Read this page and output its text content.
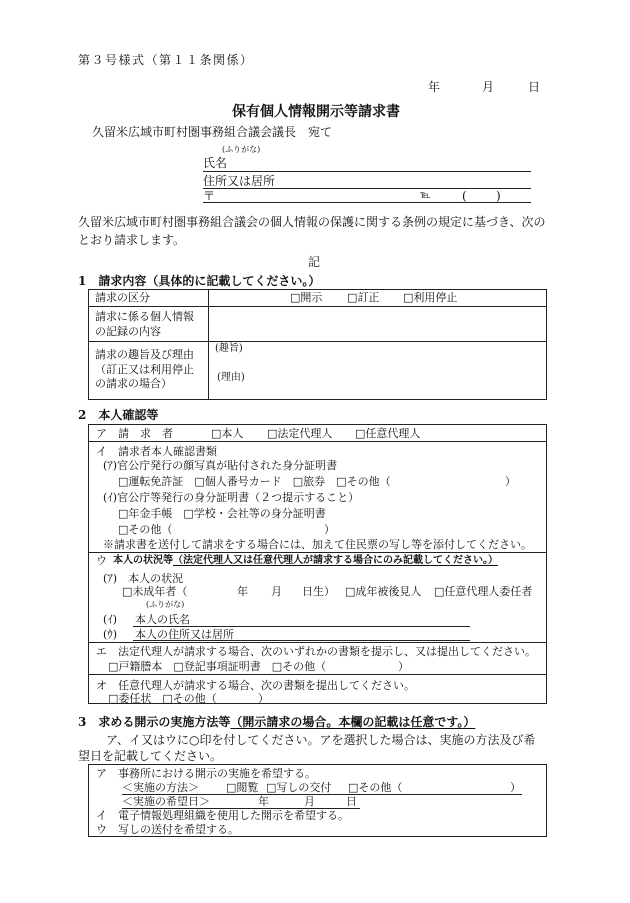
第３号様式（第１１条関係）
年	月	日
保有個人情報開示等請求書
久留米広域市町村圏事務組合議会議長　宛て
(ふりがな)
氏名
住所又は居所
〒	℡	( )
久留米広域市町村圏事務組合議会の個人情報の保護に関する条例の規定に基づき、次の
とおり請求します。
記
1　請求内容（具体的に記載してください。）
請求の区分	□開示 □訂正 □利用停止
請求に係る個人情報
の記録の内容
請求の趣旨及び理由
（訂正又は利用停止
の請求の場合）
(趣旨)
(理由)
2　本人確認等
ア　請　求　者	□本人 □法定代理人 □任意代理人
イ　請求者本人確認書類
(ｱ)官公庁発行の顔写真が貼付された身分証明書
□運転免許証　□個人番号カード　□旅券　□その他（	）
(ｲ)官公庁等発行の身分証明書（２つ提示すること）
□年金手帳　□学校・会社等の身分証明書
□その他（	）
※請求書を送付して請求をする場合には、加えて住民票の写し等を添付してください。
ウ 本人の状況等（法定代理人又は任意代理人が請求する場合にのみ記載してください。）
(ｱ)　本人の状況
□未成年者（	年 月 日生） □成年被後見人 □任意代理人委任者
(ふりがな)
(ｲ) 本人の氏名
(ｳ) 本人の住所又は居所
エ　法定代理人が請求する場合、次のいずれかの書類を提示し、又は提出してください。
□戸籍謄本　□登記事項証明書　□その他（	）
オ　任意代理人が請求する場合、次の書類を提出してください。
□委任状　□その他（	）
3　求める開示の実施方法等（開示請求の場合。本欄の記載は任意です。）
ア、イ又はウに○印を付してください。アを選択した場合は、実施の方法及び希
望日を記載してください。
ア　事務所における開示の実施を希望する。
＜実施の方法＞ □閲覧 □写しの交付 □その他（	）
＜実施の希望日＞	年	月	日
イ　電子情報処理組織を使用した開示を希望する。
ウ　写しの送付を希望する。
